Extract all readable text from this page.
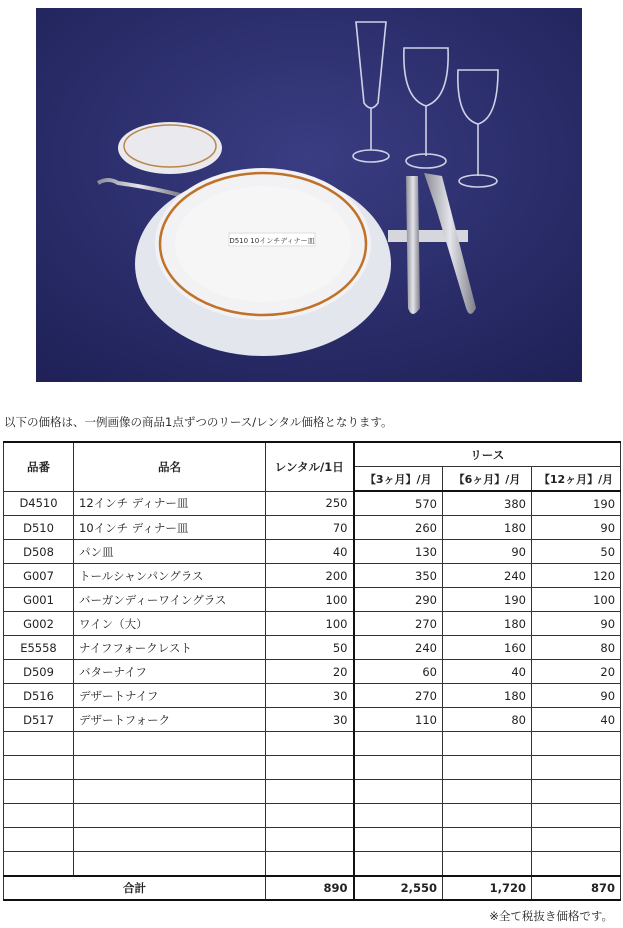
D510 10インチディナー皿
以下の価格は、一例画像の商品1点ずつのリース/レンタル価格となります。
品番	品名	レンタル/1日	リース		
			【3ヶ月】/月	【6ヶ月】/月	【12ヶ月】/月
D4510	12インチ ディナー皿	250	570	380	190
D510	10インチ ディナー皿	70	260	180	90
D508	パン皿	40	130	90	50
G007	トールシャンパングラス	200	350	240	120
G001	バーガンディーワイングラス	100	290	190	100
G002	ワイン（大）	100	270	180	90
E5558	ナイフフォークレスト	50	240	160	80
D509	バターナイフ	20	60	40	20
D516	デザートナイフ	30	270	180	90
D517	デザートフォーク	30	110	80	40

合計		890	2,550	1,720	870
※全て税抜き価格です。
